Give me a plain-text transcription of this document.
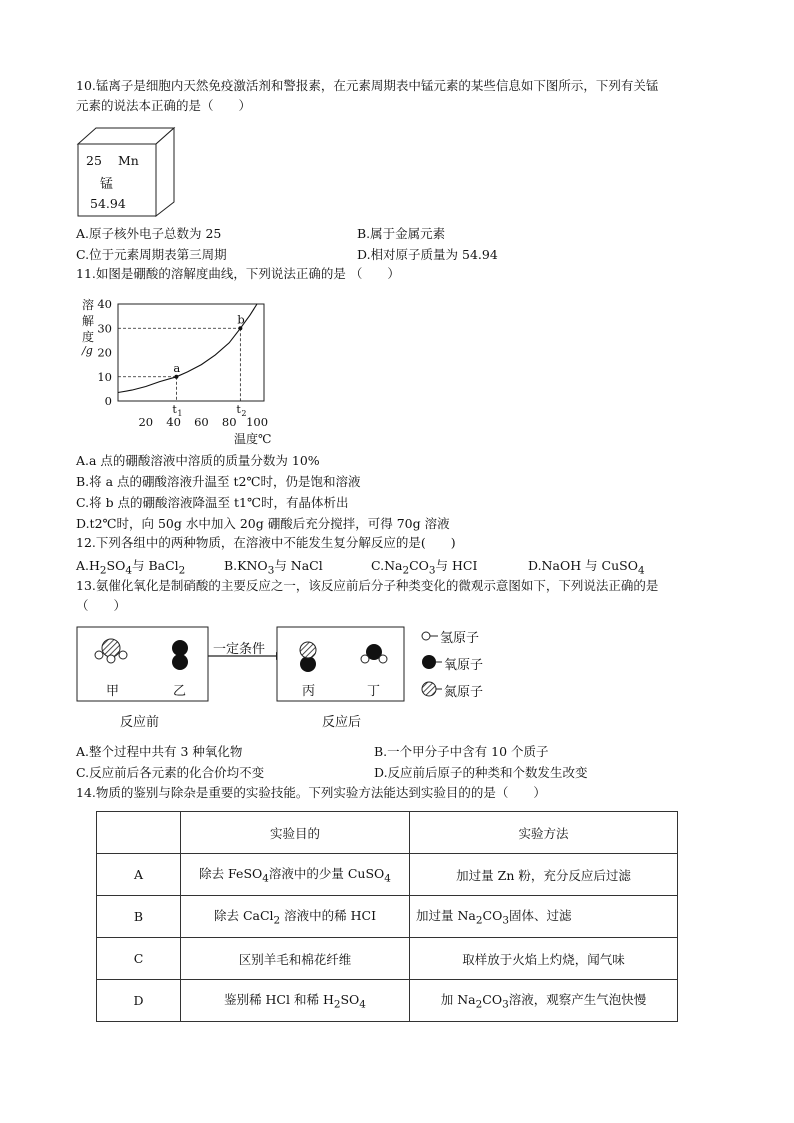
10.锰离子是细胞内天然免疫激活剂和警报素，在元素周期表中锰元素的某些信息如下图所示，下列有关锰
元素的说法本正确的是（　　）
25 Mn
锰
54.94
A.原子核外电子总数为 25	B.属于金属元素
C.位于元素周期表第三周期	D.相对原子质量为 54.94
11.如图是硼酸的溶解度曲线，下列说法正确的是 （　　）
a
t 1
b
t 2
0
10
20
30
40
20 40 60 80 100
溶
解
度
/g
温度℃
A.a 点的硼酸溶液中溶质的质量分数为 10%
B.将 a 点的硼酸溶液升温至 t2℃时，仍是饱和溶液
C.将 b 点的硼酸溶液降温至 t1℃时，有晶体析出
D.t2℃时，向 50g 水中加入 20g 硼酸后充分搅拌，可得 70g 溶液
12.下列各组中的两种物质，在溶液中不能发生复分解反应的是(　　)
$A.H_2SO_4$与 BaCl$_2$	$B.KNO_3$与 NaCl	$C.Na_2CO_3$与 HCI	D.NaOH 与 CuSO$_4$
13.氨催化氧化是制硝酸的主要反应之一，该反应前后分子种类变化的微观示意图如下，下列说法正确的是
（　　）
甲	乙	丙	丁
一定条件
反应前	反应后
氢原子
氧原子
氮原子
A.整个过程中共有 3 种氧化物	B.一个甲分子中含有 10 个质子
C.反应前后各元素的化合价均不变	D.反应前后原子的种类和个数发生改变
14.物质的鉴别与除杂是重要的实验技能。下列实验方法能达到实验目的的是（　　）
	实验目的	实验方法
A	除去 FeSO$_4$溶液中的少量 CuSO$_4$	加过量 Zn 粉，充分反应后过滤
B	除去 CaCl$_2$ 溶液中的稀 HCI	加过量 $Na_2CO_3$固体、过滤
C	区别羊毛和棉花纤维	取样放于火焰上灼烧，闻气味
D	鉴别稀 HCl 和稀 $H_2SO_4$	加 $Na_2CO_3$溶液，观察产生气泡快慢
